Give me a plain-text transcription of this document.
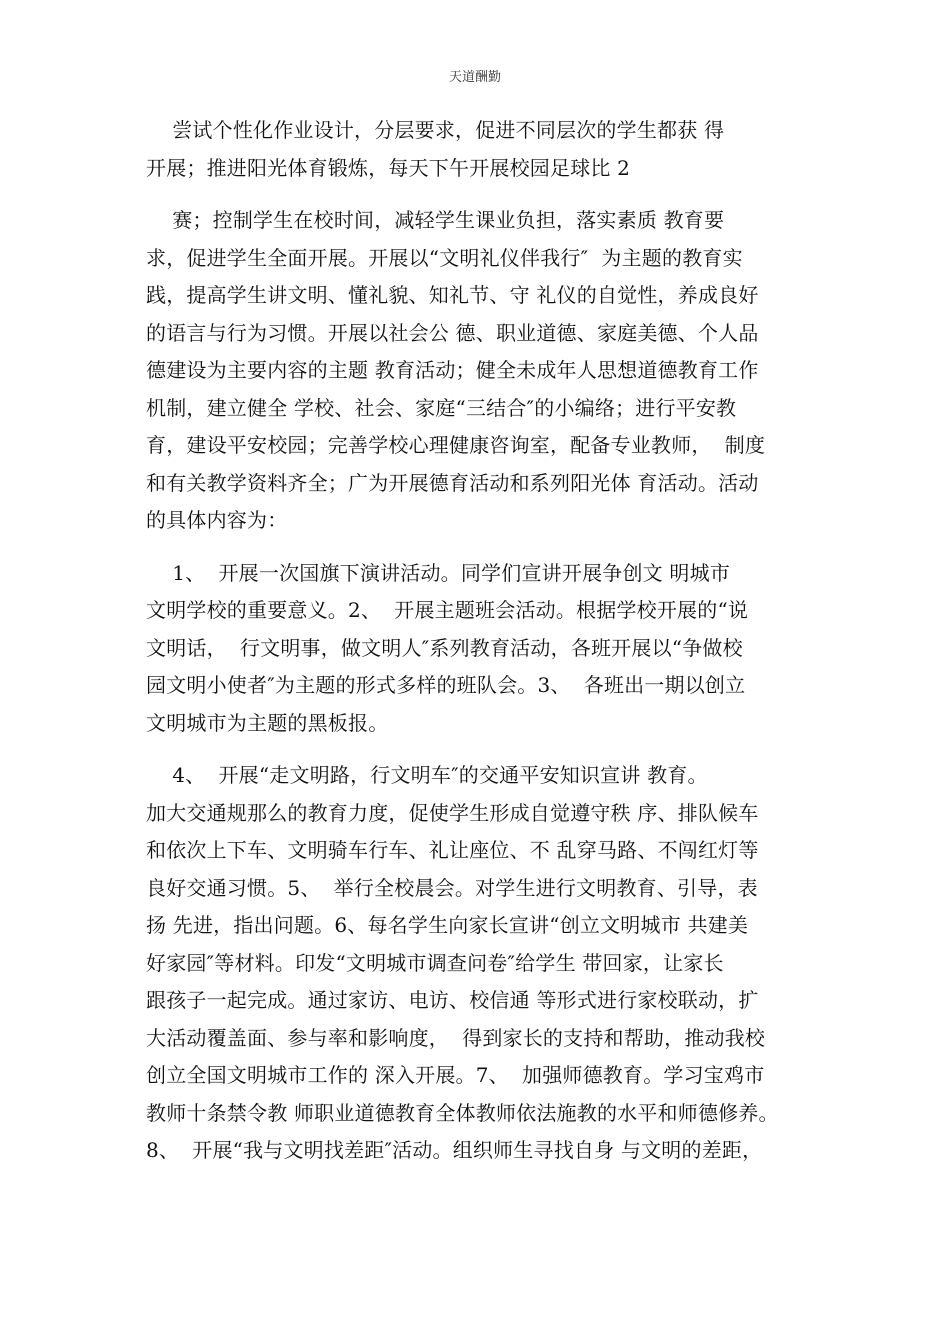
天道酬勤
尝试个性化作业设计，分层要求，促进不同层次的学生都获 得
开展；推进阳光体育锻炼，每天下午开展校园足球比 2
赛；控制学生在校时间，减轻学生课业负担，落实素质 教育要
求，促进学生全面开展。开展以“文明礼仪伴我行″  为主题的教育实
践，提高学生讲文明、懂礼貌、知礼节、守 礼仪的自觉性，养成良好
的语言与行为习惯。开展以社会公 德、职业道德、家庭美德、个人品
德建设为主要内容的主题 教育活动；健全未成年人思想道德教育工作
机制，建立健全 学校、社会、家庭“三结合″的小编络；进行平安教
育，建设平安校园；完善学校心理健康咨询室，配备专业教师，  制度
和有关教学资料齐全；广为开展德育活动和系列阳光体 育活动。活动
的具体内容为：
1、  开展一次国旗下演讲活动。同学们宣讲开展争创文 明城市
文明学校的重要意义。2、  开展主题班会活动。根据学校开展的“说
文明话，  行文明事，做文明人″系列教育活动，各班开展以“争做校
园文明小使者″为主题的形式多样的班队会。3、  各班出一期以创立
文明城市为主题的黑板报。
4、  开展“走文明路，行文明车″的交通平安知识宣讲 教育。
加大交通规那么的教育力度，促使学生形成自觉遵守秩 序、排队候车
和依次上下车、文明骑车行车、礼让座位、不 乱穿马路、不闯红灯等
良好交通习惯。5、  举行全校晨会。对学生进行文明教育、引导，表
扬 先进，指出问题。6、每名学生向家长宣讲“创立文明城市 共建美
好家园″等材料。印发“文明城市调查问卷″给学生 带回家，让家长
跟孩子一起完成。通过家访、电访、校信通 等形式进行家校联动，扩
大活动覆盖面、参与率和影响度，  得到家长的支持和帮助，推动我校
创立全国文明城市工作的 深入开展。7、  加强师德教育。学习宝鸡市
教师十条禁令教 师职业道德教育全体教师依法施教的水平和师德修养。
8、  开展“我与文明找差距″活动。组织师生寻找自身 与文明的差距，
